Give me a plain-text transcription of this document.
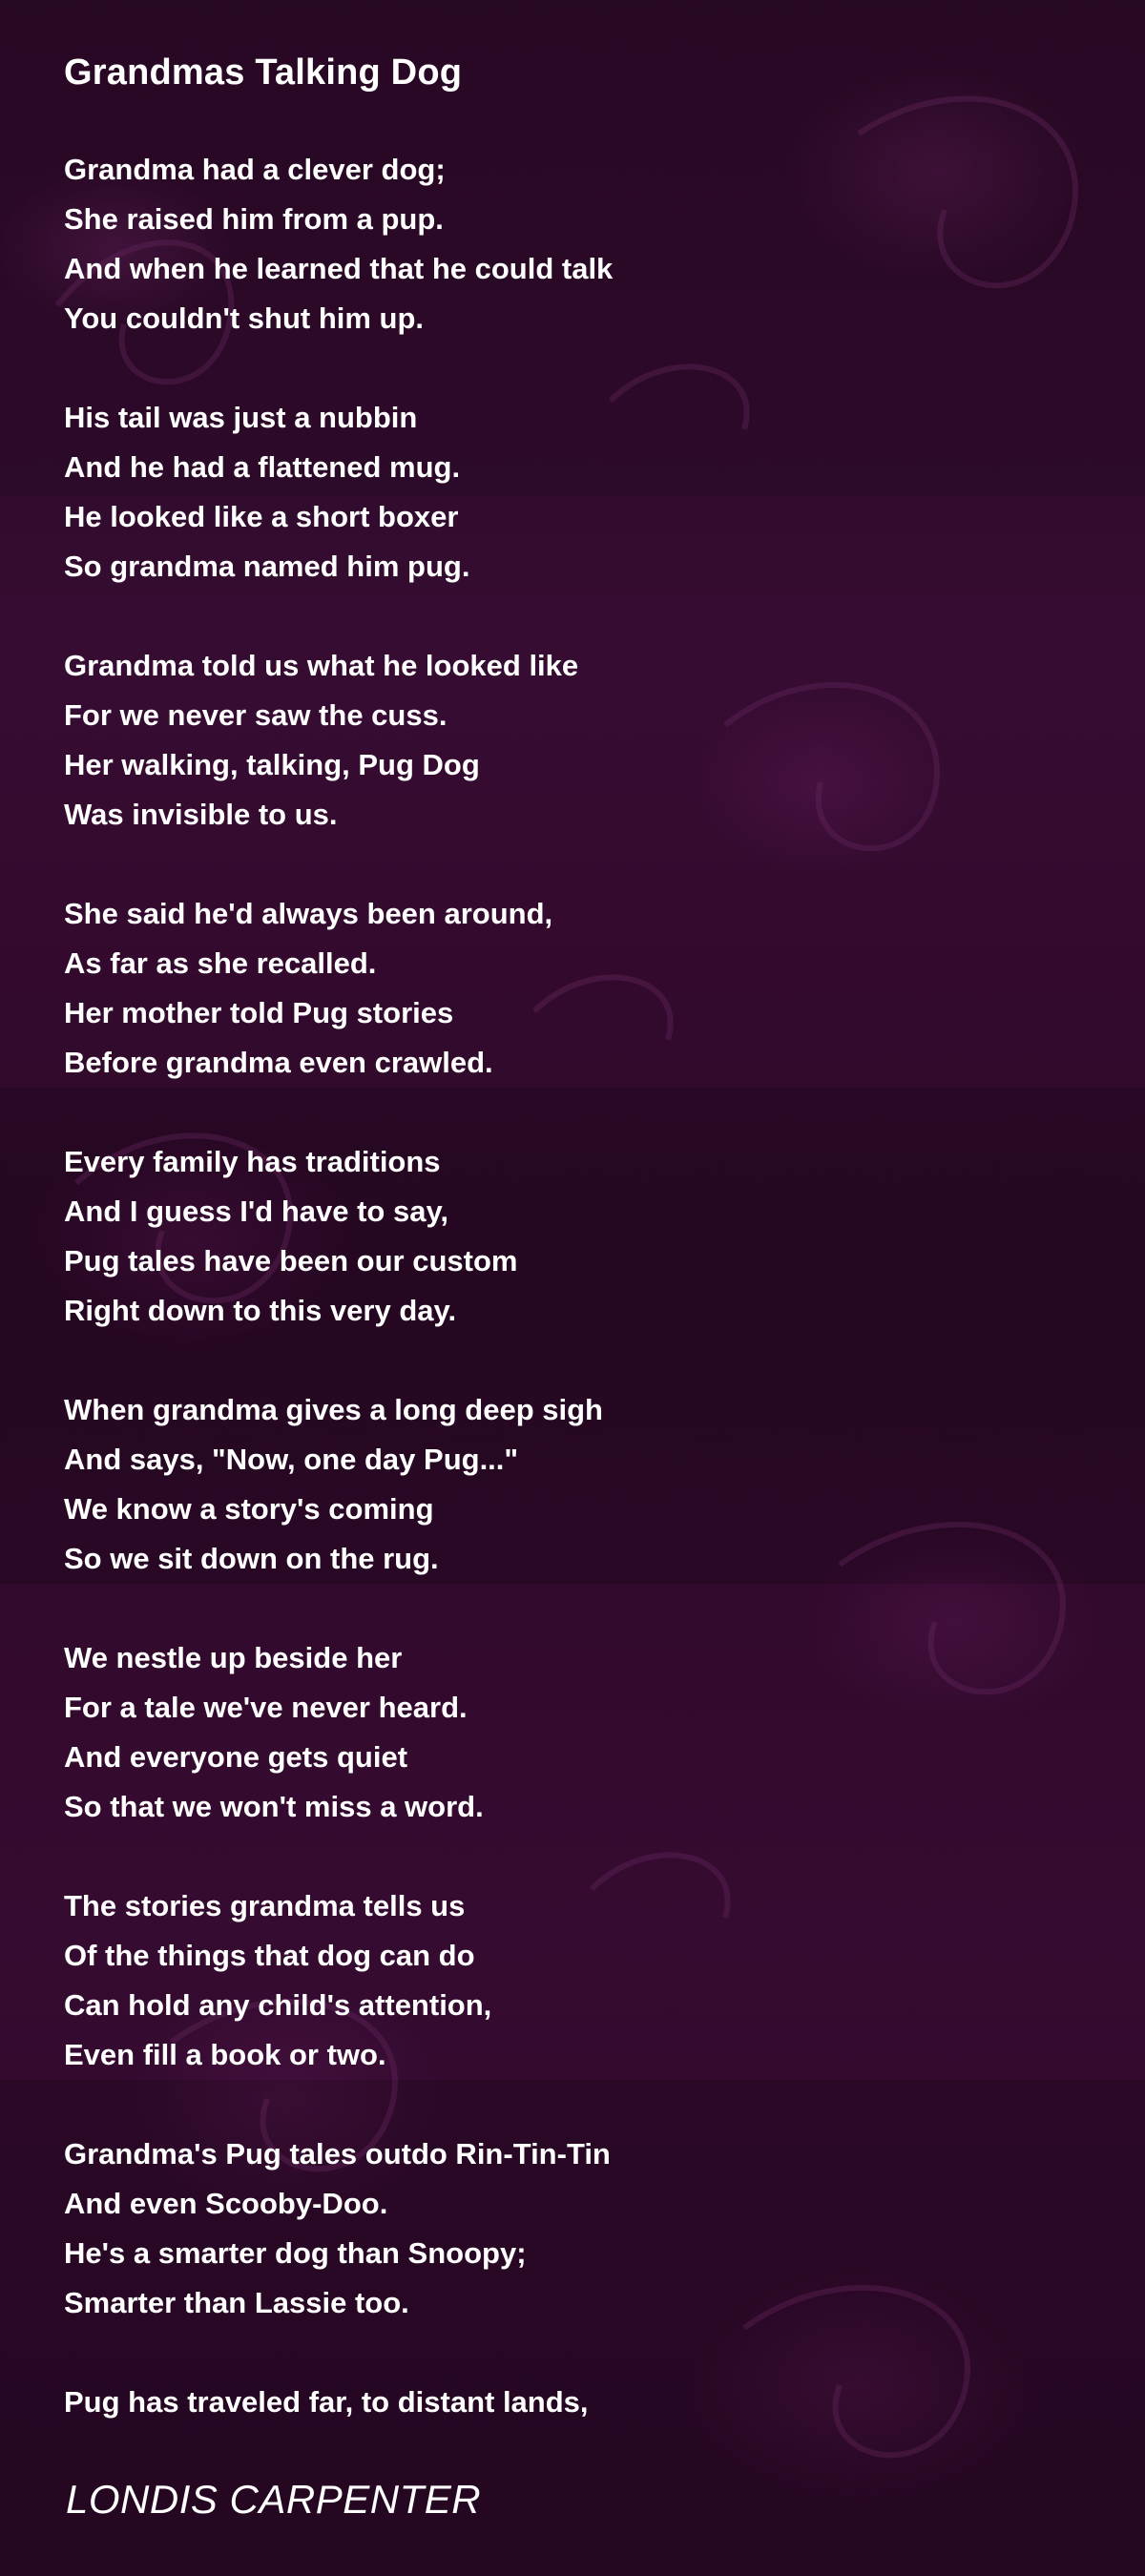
Grandmas Talking Dog

Grandma had a clever dog;
She raised him from a pup.
And when he learned that he could talk
You couldn't shut him up.

His tail was just a nubbin
And he had a flattened mug.
He looked like a short boxer
So grandma named him pug.

Grandma told us what he looked like
For we never saw the cuss.
Her walking, talking, Pug Dog
Was invisible to us.

She said he'd always been around,
As far as she recalled.
Her mother told Pug stories
Before grandma even crawled.

Every family has traditions
And I guess I'd have to say,
Pug tales have been our custom
Right down to this very day.

When grandma gives a long deep sigh
And says, "Now, one day Pug..."
We know a story's coming
So we sit down on the rug.

We nestle up beside her
For a tale we've never heard.
And everyone gets quiet
So that we won't miss a word.

The stories grandma tells us
Of the things that dog can do
Can hold any child's attention,
Even fill a book or two.

Grandma's Pug tales outdo Rin-Tin-Tin
And even Scooby-Doo.
He's a smarter dog than Snoopy;
Smarter than Lassie too.

Pug has traveled far, to distant lands,

LONDIS CARPENTER
